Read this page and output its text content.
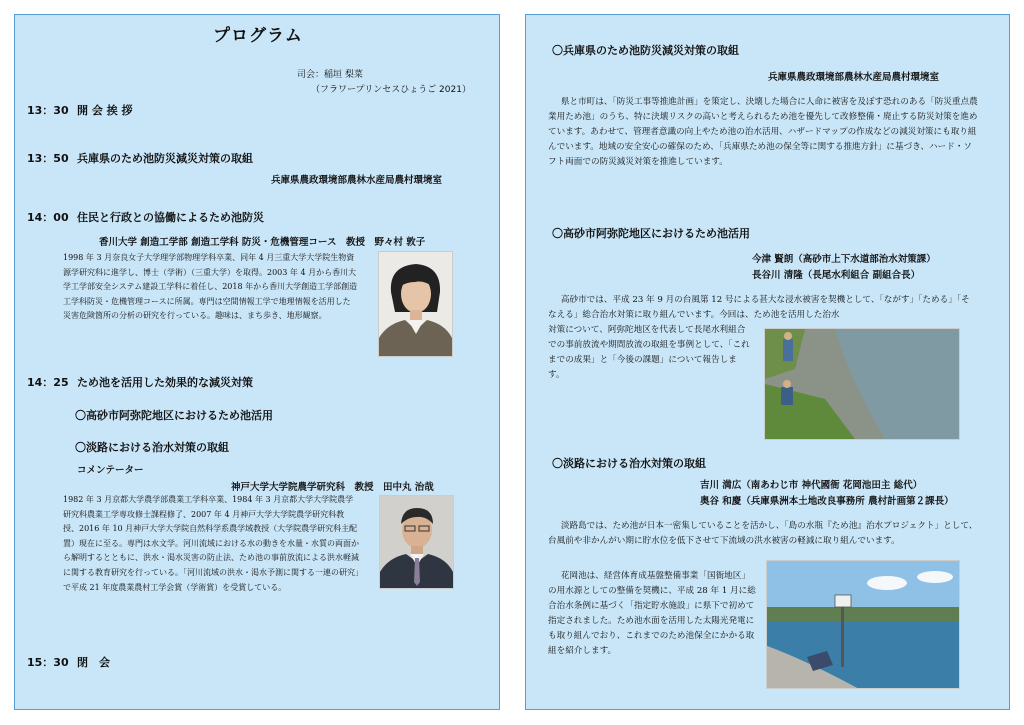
プログラム
司会：稲垣 梨菜
（フラワープリンセスひょうご 2021）
13：30 開 会 挨 拶
13：50 兵庫県のため池防災減災対策の取組
兵庫県農政環境部農林水産局農村環境室
14：00 住民と行政との協働によるため池防災
香川大学 創造工学部 創造工学科 防災・危機管理コース　教授　野々村 敦子
1998 年 3 月奈良女子大学理学部物理学科卒業、同年 4 月三重大学大学院生物資源学研究科に進学し、博士（学術）（三重大学）を取得。2003 年 4 月から香川大学工学部安全システム建設工学科に着任し、2018 年から香川大学創造工学部創造工学科防災・危機管理コースに所属。専門は空間情報工学で地理情報を活用した災害危険箇所の分析の研究を行っている。趣味は、まち歩き、地形観察。
14：25 ため池を活用した効果的な減災対策
〇高砂市阿弥陀地区におけるため池活用
〇淡路における治水対策の取組
コメンテーター
神戸大学大学院農学研究科　教授　田中丸 治哉
1982 年 3 月京都大学農学部農業工学科卒業、1984 年 3 月京都大学大学院農学研究科農業工学専攻修士課程修了、2007 年 4 月神戸大学大学院農学研究科教授、2016 年 10 月神戸大学大学院自然科学系農学域教授（大学院農学研究科主配置）現在に至る。専門は水文学。河川流域における水の動きを水量・水質の両面から解明するとともに、洪水・渇水災害の防止法、ため池の事前放流による洪水軽減に関する教育研究を行っている。「河川流域の洪水・渇水予測に関する一連の研究」で平成 21 年度農業農村工学会賞（学術賞）を受賞している。
15：30 閉　会
〇兵庫県のため池防災減災対策の取組
兵庫県農政環境部農林水産局農村環境室
県と市町は、「防災工事等推進計画」を策定し、決壊した場合に人命に被害を及ぼす恐れのある「防災重点農業用ため池」のうち、特に決壊リスクの高いと考えられるため池を優先して改修整備・廃止する防災対策を進めています。あわせて、管理者意識の向上やため池の治水活用、ハザードマップの作成などの減災対策にも取り組んでいます。地域の安全安心の確保のため、「兵庫県ため池の保全等に関する推進方針」に基づき、ハード・ソフト両面での防災減災対策を推進しています。
〇高砂市阿弥陀地区におけるため池活用
今津 賢朗（高砂市上下水道部治水対策課）
長谷川 清隆（長尾水利組合 副組合長）
高砂市では、平成 23 年 9 月の台風第 12 号による甚大な浸水被害を契機として、「ながす」「ためる」「そなえる」総合治水対策に取り組んでいます。今回は、ため池を活用した治水
対策について、阿弥陀地区を代表して長尾水利組合での事前放流や期間放流の取組を事例として、「これまでの成果」と「今後の課題」について報告します。
〇淡路における治水対策の取組
吉川 満広（南あわじ市 神代國衙 花岡池田主 総代）
奥谷 和慶（兵庫県洲本土地改良事務所 農村計画第２課長）
淡路島では、ため池が日本一密集していることを活かし、「島の水瓶『ため池』治水プロジェクト」として、台風前や非かんがい期に貯水位を低下させて下流域の洪水被害の軽減に取り組んでいます。
花岡池は、経営体育成基盤整備事業「国衙地区」の用水源としての整備を契機に、平成 28 年 1 月に総合治水条例に基づく「指定貯水施設」に県下で初めて指定されました。ため池水面を活用した太陽光発電にも取り組んでおり、これまでのため池保全にかかる取組を紹介します。
